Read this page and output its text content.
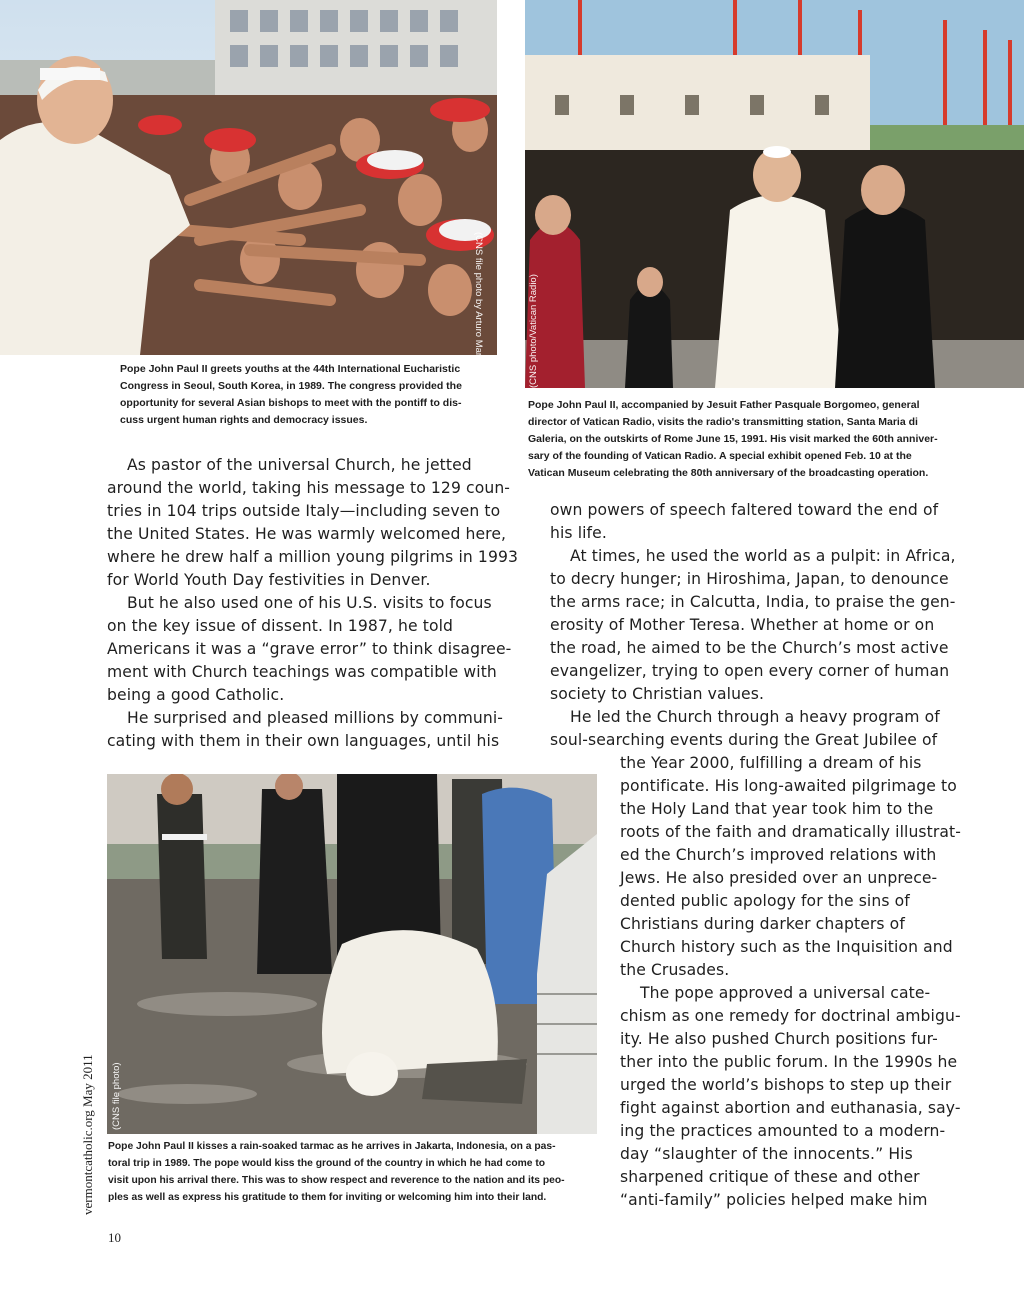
(CNS file photo by Arturo Mari)	(CNS photo/Vatican Radio)
Pope John Paul II greets youths at the 44th International Eucharistic
Congress in Seoul, South Korea, in 1989. The congress provided the
opportunity for several Asian bishops to meet with the pontiff to dis-
cuss urgent human rights and democracy issues.
Pope John Paul II, accompanied by Jesuit Father Pasquale Borgomeo, general
director of Vatican Radio, visits the radio's transmitting station, Santa Maria di
Galeria, on the outskirts of Rome June 15, 1991. His visit marked the 60th anniver-
sary of the founding of Vatican Radio. A special exhibit opened Feb. 10 at the
Vatican Museum celebrating the 80th anniversary of the broadcasting operation.
As pastor of the universal Church, he jetted
around the world, taking his message to 129 coun-
tries in 104 trips outside Italy—including seven to
the United States. He was warmly welcomed here,
where he drew half a million young pilgrims in 1993
for World Youth Day festivities in Denver.
But he also used one of his U.S. visits to focus
on the key issue of dissent. In 1987, he told
Americans it was a “grave error” to think disagree-
ment with Church teachings was compatible with
being a good Catholic.
He surprised and pleased millions by communi-
cating with them in their own languages, until his
own powers of speech faltered toward the end of
his life.
At times, he used the world as a pulpit: in Africa,
to decry hunger; in Hiroshima, Japan, to denounce
the arms race; in Calcutta, India, to praise the gen-
erosity of Mother Teresa. Whether at home or on
the road, he aimed to be the Church’s most active
evangelizer, trying to open every corner of human
society to Christian values.
He led the Church through a heavy program of
soul-searching events during the Great Jubilee of
(CNS file photo)
Pope John Paul II kisses a rain-soaked tarmac as he arrives in Jakarta, Indonesia, on a pas-
toral trip in 1989. The pope would kiss the ground of the country in which he had come to
visit upon his arrival there. This was to show respect and reverence to the nation and its peo-
ples as well as express his gratitude to them for inviting or welcoming him into their land.
the Year 2000, fulfilling a dream of his
pontificate. His long-awaited pilgrimage to
the Holy Land that year took him to the
roots of the faith and dramatically illustrat-
ed the Church’s improved relations with
Jews. He also presided over an unprece-
dented public apology for the sins of
Christians during darker chapters of
Church history such as the Inquisition and
the Crusades.
The pope approved a universal cate-
chism as one remedy for doctrinal ambigu-
ity. He also pushed Church positions fur-
ther into the public forum. In the 1990s he
urged the world’s bishops to step up their
fight against abortion and euthanasia, say-
ing the practices amounted to a modern-
day “slaughter of the innocents.” His
sharpened critique of these and other
“anti-family” policies helped make him
vermontcatholic.org May 2011
10
